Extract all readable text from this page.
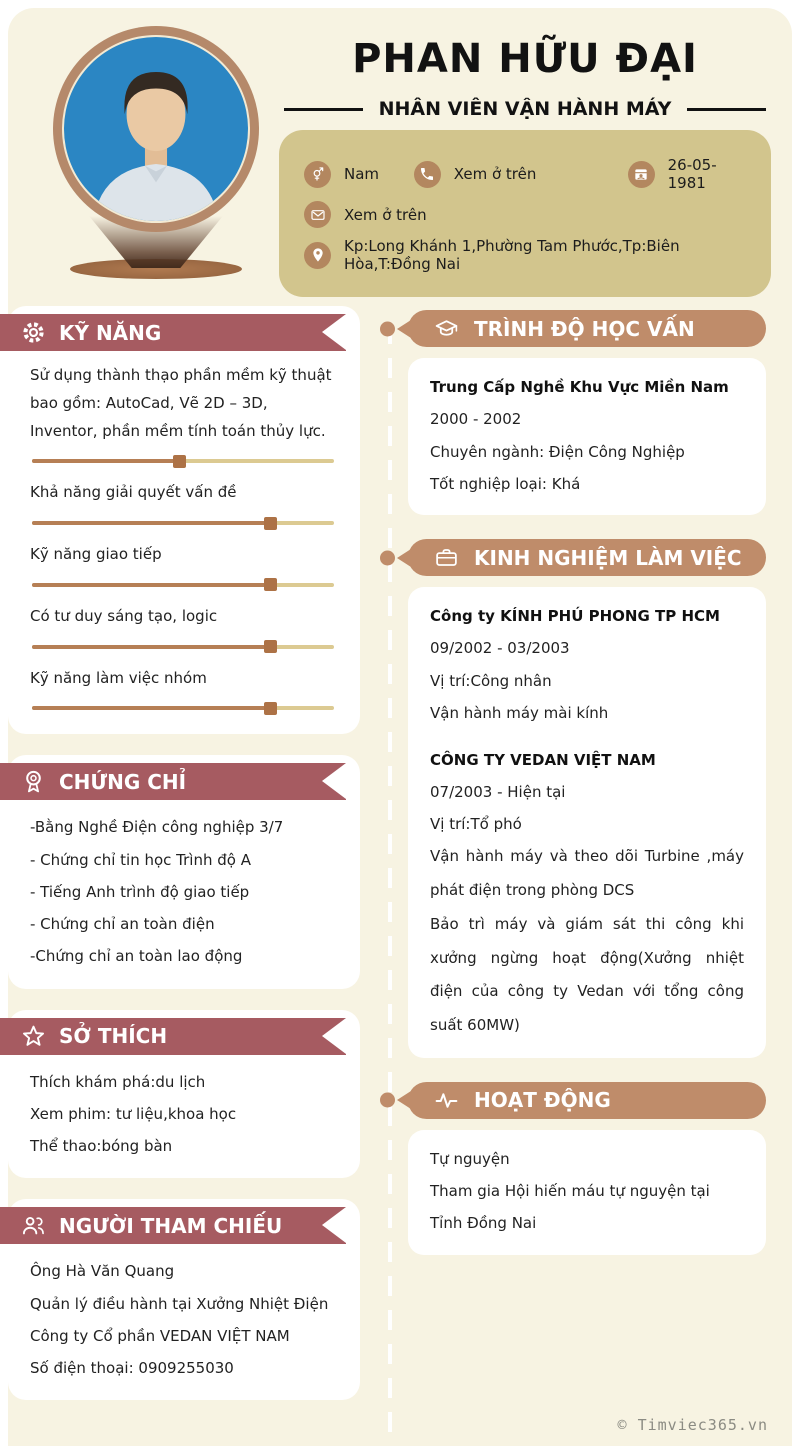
PHAN HỮU ĐẠI
NHÂN VIÊN VẬN HÀNH MÁY
Nam	Xem ở trên	26-05-1981
Xem ở trên
Kp:Long Khánh 1,Phường Tam Phước,Tp:Biên Hòa,T:Đồng Nai
KỸ NĂNG
Sử dụng thành thạo phần mềm kỹ thuật bao gồm: AutoCad, Vẽ 2D – 3D, Inventor, phần mềm tính toán thủy lực.
Khả năng giải quyết vấn đề
Kỹ năng giao tiếp
Có tư duy sáng tạo, logic
Kỹ năng làm việc nhóm
CHỨNG CHỈ
-Bằng Nghề Điện công nghiệp 3/7
- Chứng chỉ tin học Trình độ A
- Tiếng Anh trình độ giao tiếp
- Chứng chỉ an toàn điện
-Chứng chỉ an toàn lao động
SỞ THÍCH
Thích khám phá:du lịch
Xem phim: tư liệu,khoa học
Thể thao:bóng bàn
NGƯỜI THAM CHIẾU
Ông Hà Văn Quang
Quản lý điều hành tại Xưởng Nhiệt Điện Công ty Cổ phần VEDAN VIỆT NAM
Số điện thoại: 0909255030
TRÌNH ĐỘ HỌC VẤN
Trung Cấp Nghề Khu Vực Miền Nam
2000 - 2002
Chuyên ngành: Điện Công Nghiệp
Tốt nghiệp loại: Khá
KINH NGHIỆM LÀM VIỆC
Công ty KÍNH PHÚ PHONG TP HCM
09/2002 - 03/2003
Vị trí:Công nhân
Vận hành máy mài kính
CÔNG TY VEDAN VIỆT NAM
07/2003 - Hiện tại
Vị trí:Tổ phó
Vận hành máy và theo dõi Turbine ,máy phát điện trong phòng DCS
Bảo trì máy và giám sát thi công khi xưởng ngừng hoạt động(Xưởng nhiệt điện của công ty Vedan với tổng công suất 60MW)
HOẠT ĐỘNG
Tự nguyện
Tham gia Hội hiến máu tự nguyện tại Tỉnh Đồng Nai
© Timviec365.vn
